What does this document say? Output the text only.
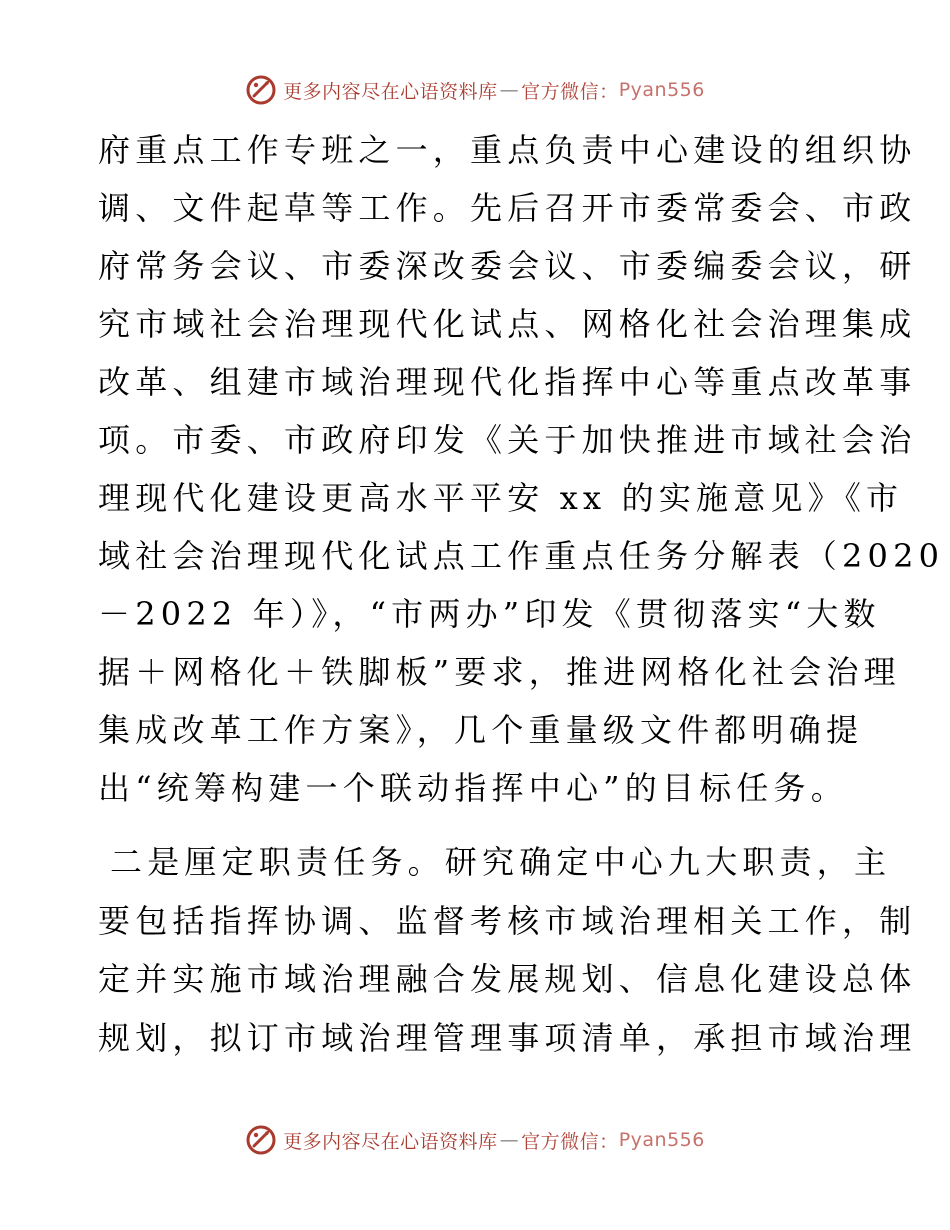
更多内容尽在心语资料库 — 官方微信： Pyan556
府重点工作专班之一，重点负责中心建设的组织协
调、文件起草等工作。先后召开市委常委会、市政
府常务会议、市委深改委会议、市委编委会议，研
究市域社会治理现代化试点、网格化社会治理集成
改革、组建市域治理现代化指挥中心等重点改革事
项。市委、市政府印发《关于加快推进市域社会治
理现代化建设更高水平平安 xx 的实施意见》《市
域社会治理现代化试点工作重点任务分解表（2020
－2022 年）》，“市两办”印发《贯彻落实“大数
据＋网格化＋铁脚板”要求，推进网格化社会治理
集成改革工作方案》，几个重量级文件都明确提
出“统筹构建一个联动指挥中心”的目标任务。
二是厘定职责任务。研究确定中心九大职责，主
要包括指挥协调、监督考核市域治理相关工作，制
定并实施市域治理融合发展规划、信息化建设总体
规划，拟订市域治理管理事项清单，承担市域治理
更多内容尽在心语资料库 — 官方微信： Pyan556
